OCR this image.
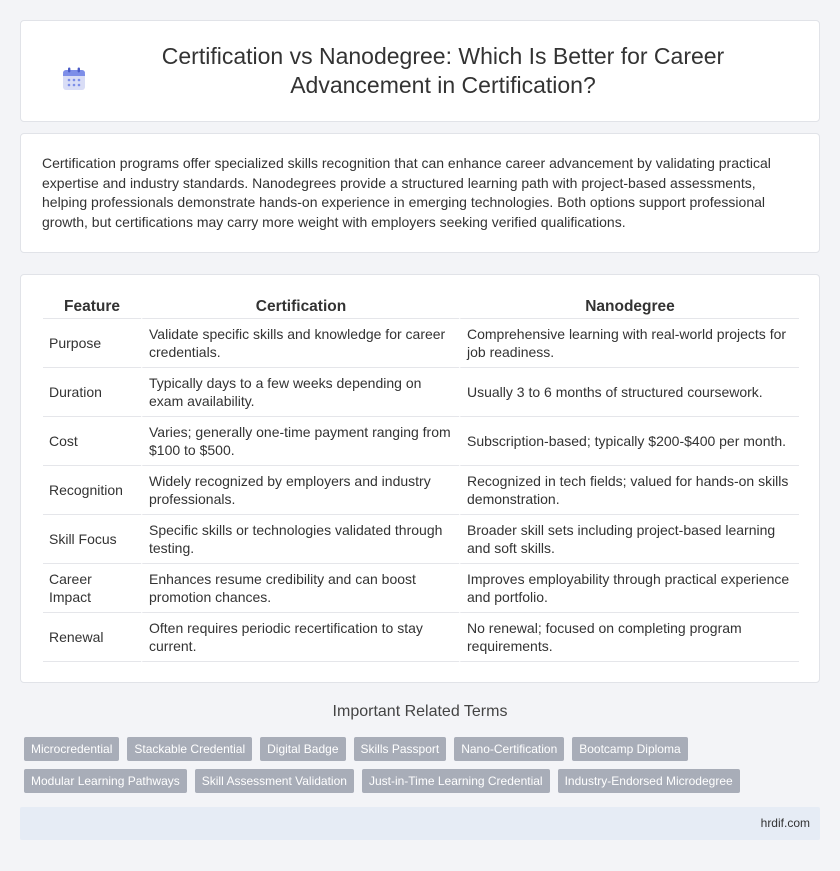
Certification vs Nanodegree: Which Is Better for Career Advancement in Certification?

Certification programs offer specialized skills recognition that can enhance career advancement by validating practical expertise and industry standards. Nanodegrees provide a structured learning path with project-based assessments, helping professionals demonstrate hands-on experience in emerging technologies. Both options support professional growth, but certifications may carry more weight with employers seeking verified qualifications.

Feature	Certification	Nanodegree
Purpose	Validate specific skills and knowledge for career credentials.	Comprehensive learning with real-world projects for job readiness.
Duration	Typically days to a few weeks depending on exam availability.	Usually 3 to 6 months of structured coursework.
Cost	Varies; generally one-time payment ranging from $100 to $500.	Subscription-based; typically $200-$400 per month.
Recognition	Widely recognized by employers and industry professionals.	Recognized in tech fields; valued for hands-on skills demonstration.
Skill Focus	Specific skills or technologies validated through testing.	Broader skill sets including project-based learning and soft skills.
Career Impact	Enhances resume credibility and can boost promotion chances.	Improves employability through practical experience and portfolio.
Renewal	Often requires periodic recertification to stay current.	No renewal; focused on completing program requirements.
Important Related Terms
Microcredential	Stackable Credential	Digital Badge	Skills Passport	Nano-Certification	Bootcamp Diploma
Modular Learning Pathways	Skill Assessment Validation	Just-in-Time Learning Credential	Industry-Endorsed Microdegree
hrdif.com
